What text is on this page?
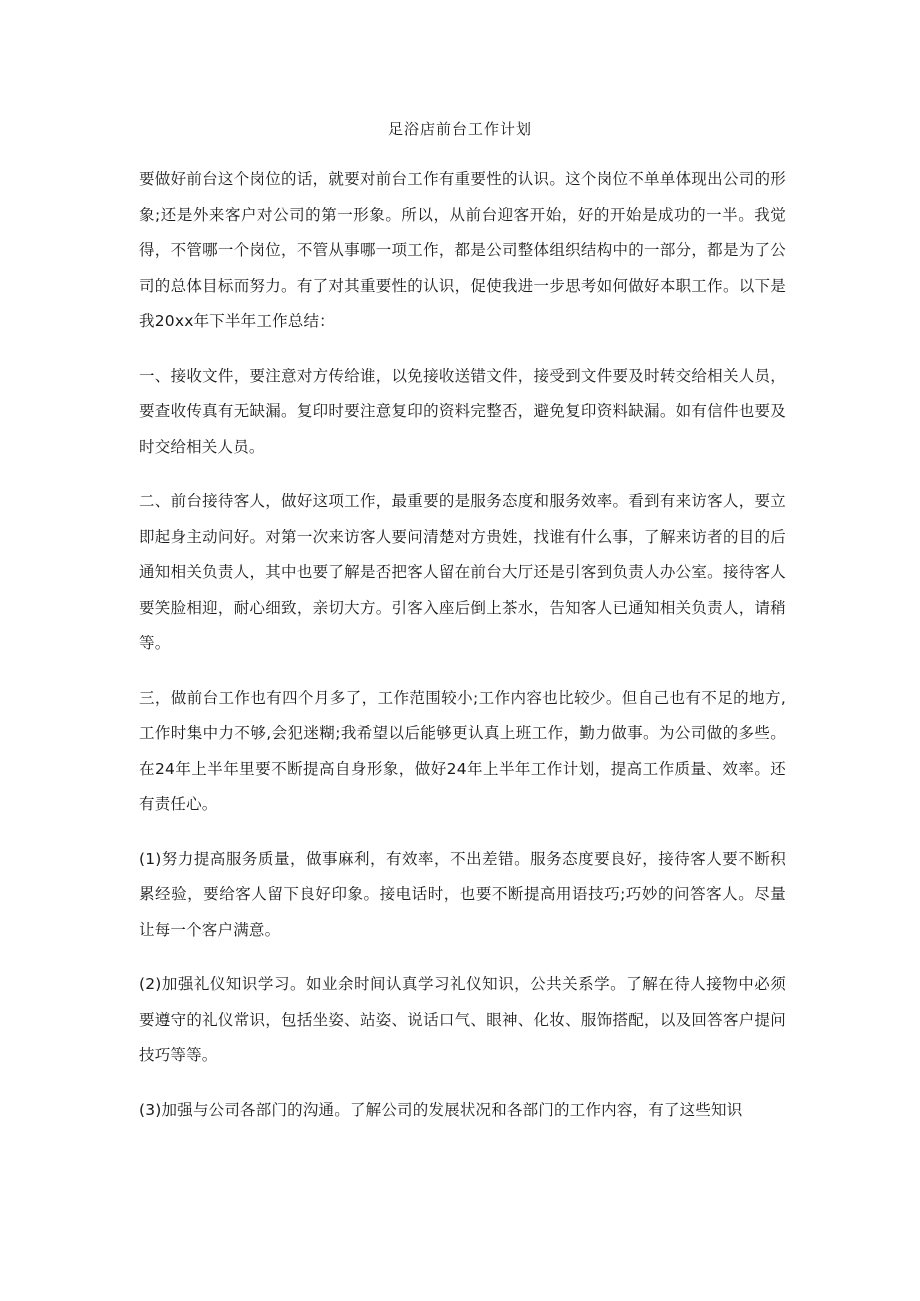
足浴店前台工作计划

要做好前台这个岗位的话，就要对前台工作有重要性的认识。这个岗位不单单体现出公司的形象;还是外来客户对公司的第一形象。所以，从前台迎客开始，好的开始是成功的一半。我觉得，不管哪一个岗位，不管从事哪一项工作，都是公司整体组织结构中的一部分，都是为了公司的总体目标而努力。有了对其重要性的认识，促使我进一步思考如何做好本职工作。以下是我20xx年下半年工作总结：

一、接收文件，要注意对方传给谁，以免接收送错文件，接受到文件要及时转交给相关人员，要查收传真有无缺漏。复印时要注意复印的资料完整否，避免复印资料缺漏。如有信件也要及时交给相关人员。

二、前台接待客人，做好这项工作，最重要的是服务态度和服务效率。看到有来访客人，要立即起身主动问好。对第一次来访客人要问清楚对方贵姓，找谁有什么事，了解来访者的目的后通知相关负责人，其中也要了解是否把客人留在前台大厅还是引客到负责人办公室。接待客人要笑脸相迎，耐心细致，亲切大方。引客入座后倒上茶水，告知客人已通知相关负责人，请稍等。

三，做前台工作也有四个月多了，工作范围较小;工作内容也比较少。但自己也有不足的地方,工作时集中力不够,会犯迷糊;我希望以后能够更认真上班工作，勤力做事。为公司做的多些。在24年上半年里要不断提高自身形象，做好24年上半年工作计划，提高工作质量、效率。还有责任心。

(1)努力提高服务质量，做事麻利，有效率，不出差错。服务态度要良好，接待客人要不断积累经验，要给客人留下良好印象。接电话时，也要不断提高用语技巧;巧妙的问答客人。尽量让每一个客户满意。

(2)加强礼仪知识学习。如业余时间认真学习礼仪知识，公共关系学。了解在待人接物中必须要遵守的礼仪常识，包括坐姿、站姿、说话口气、眼神、化妆、服饰搭配，以及回答客户提问技巧等等。

(3)加强与公司各部门的沟通。了解公司的发展状况和各部门的工作内容，有了这些知识
